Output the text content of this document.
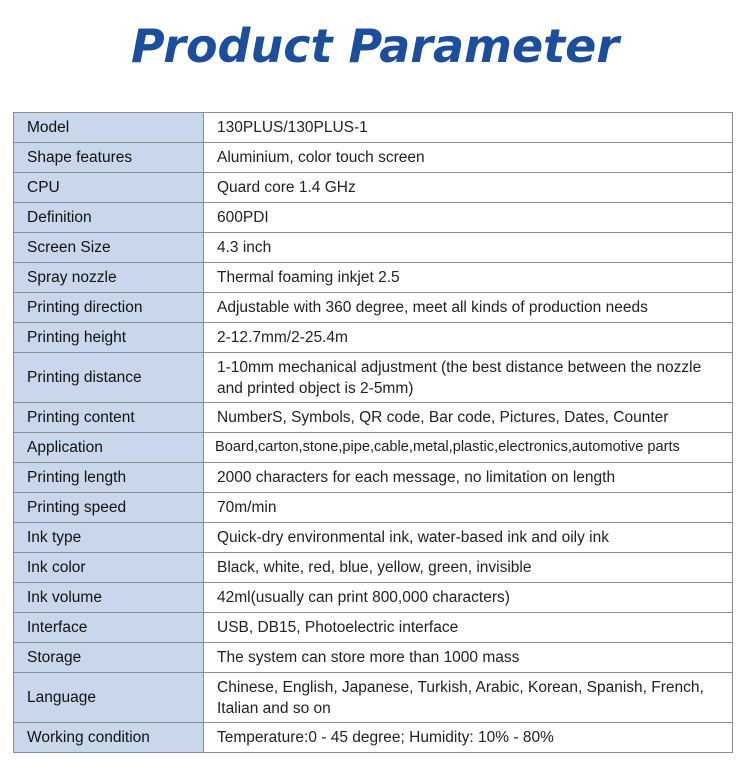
Product Parameter
Model	130PLUS/130PLUS-1
Shape features	Aluminium, color touch screen
CPU	Quard core 1.4 GHz
Definition	600PDI
Screen Size	4.3 inch
Spray nozzle	Thermal foaming inkjet 2.5
Printing direction	Adjustable with 360 degree, meet all kinds of production needs
Printing height	2-12.7mm/2-25.4m
Printing distance	1-10mm mechanical adjustment (the best distance between the nozzle and printed object is 2-5mm)
Printing content	NumberS, Symbols, QR code, Bar code, Pictures, Dates, Counter
Application	Board,carton,stone,pipe,cable,metal,plastic,electronics,automotive parts
Printing length	2000 characters for each message, no limitation on length
Printing speed	70m/min
Ink type	Quick-dry environmental ink, water-based ink and oily ink
Ink color	Black, white, red, blue, yellow, green, invisible
Ink volume	42ml(usually can print 800,000 characters)
Interface	USB, DB15, Photoelectric interface
Storage	The system can store more than 1000 mass
Language	Chinese, English, Japanese, Turkish, Arabic, Korean, Spanish, French, Italian and so on
Working condition	Temperature:0 - 45 degree; Humidity: 10% - 80%
